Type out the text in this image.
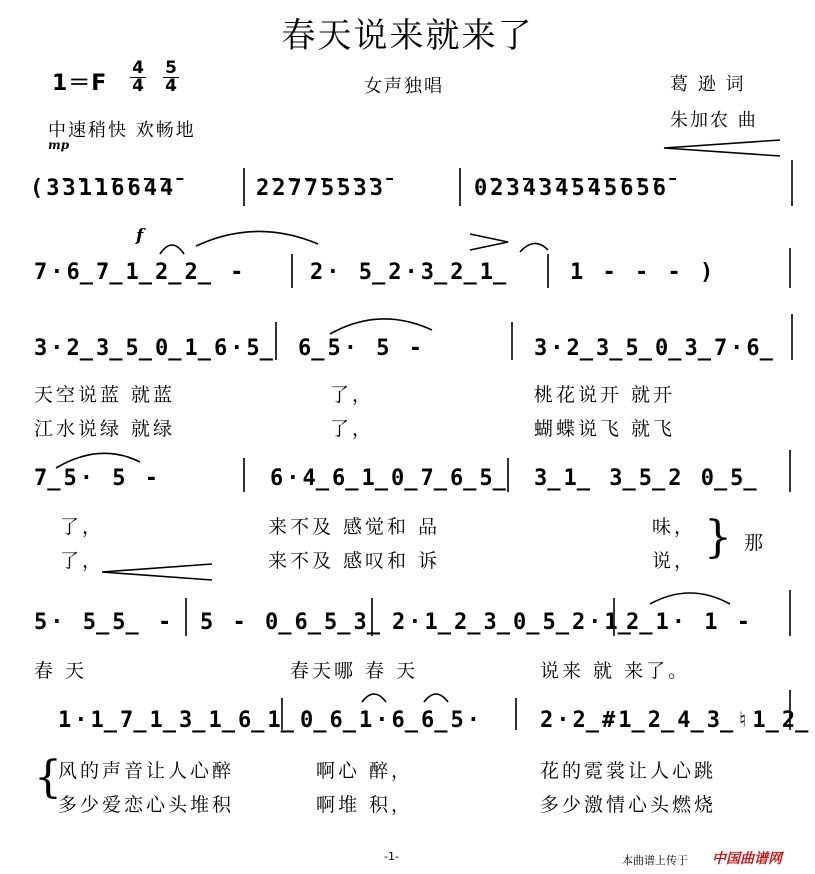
春天说来就来了
1＝F
4
4
5
4	女声独唱	葛 逊 词
朱加农 曲
中速稍快 欢畅地
mp
f
(3̄3̄1̄1̄6̄6̄4̄4̄	2̄2̄7̄7̄5̄5̄3̄3̄	0̄2̄3̄4̄3̄4̄5̄4̄5̄6̄5̄6̄
7·6̲7̲1̲2̲2̲ -	2· 5̲2·3̲2̲1̲	1 - - - )
3·2̲3̲5̲0̲1̲6·5̲ 6̲5· 5 -	3·2̲3̲5̲0̲3̲7·6̲
天空说蓝 就蓝	了，	桃花说开 就开
江水说绿 就绿	了，	蝴蝶说飞 就飞
7̲5· 5 -	6·4̲6̲1̲0̲7̲6̲5̲ 3̲1̲ 3̲5̲2 0̲5̲
了，	来不及 感觉和 品	味，
了，	来不及 感叹和 诉	说， } 那
5· 5̲5̲ - 5 - 0̲6̲5̲3̲ 2·1̲2̲3̲0̲5̲2·1̲
2̲1· 1 -
春 天	春天哪 春 天	说来 就 来了。
1·1̲7̲1̲3̲1̲6̲1̲ 0̲6̲1·6̲6̲5·	2·2̲#1̲2̲4̲3̲♮1̲2̲
{
风的声音让人心醉	啊心 醉，	花的霓裳让人心跳
多少爱恋心头堆积	啊堆 积，	多少激情心头燃烧
-1-	本曲谱上传于 中国曲谱网
